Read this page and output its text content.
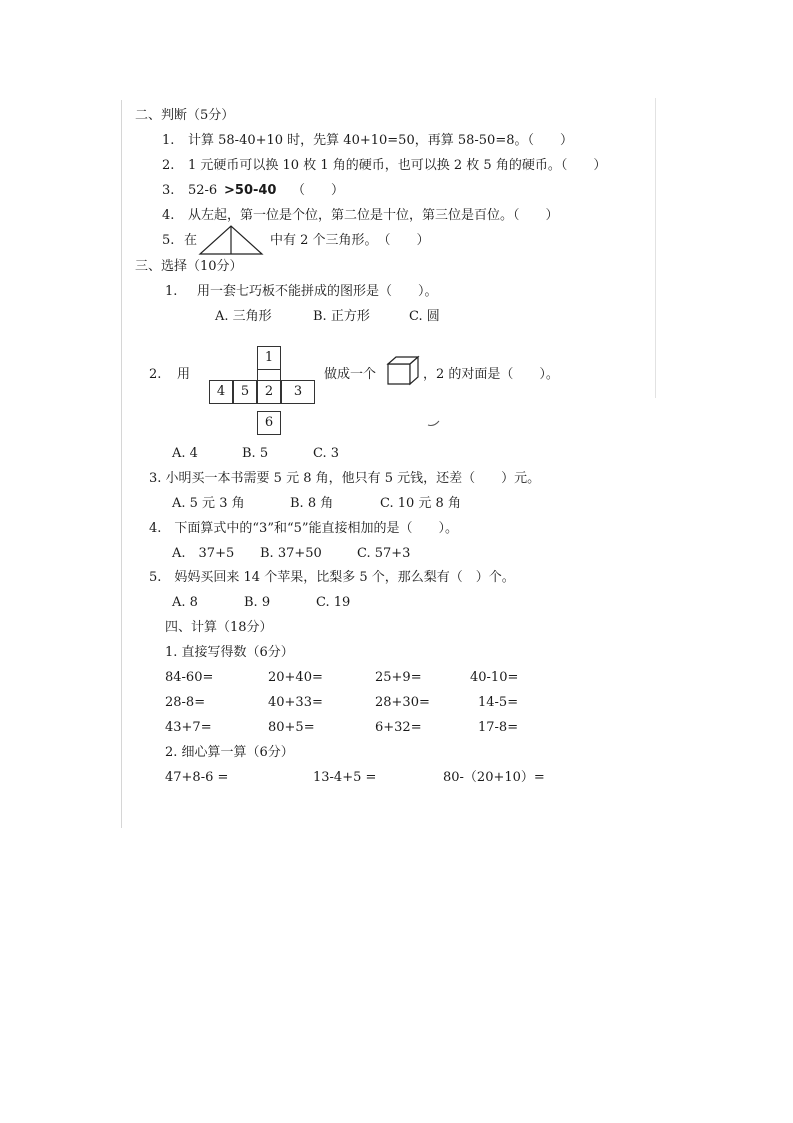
二、判断（5分）
1. 计算 58-40+10 时，先算 40+10=50，再算 58-50=8。（　　）
2. 1 元硬币可以换 10 枚 1 角的硬币，也可以换 2 枚 5 角的硬币。（　　）
3. 52-6 >50-40 （　　）
4. 从左起，第一位是个位，第二位是十位，第三位是百位。（　　）
5. 在	中有 2 个三角形。　（　　）
三、选择（10分）
1. 用一套七巧板不能拼成的图形是（　　）。
A. 三角形	B. 正方形	C. 圆
2. 用
1
4	5	2	3
6
做成一个	，2 的对面是（　　）。
A. 4	B. 5	C. 3
3. 小明买一本书需要 5 元 8 角，他只有 5 元钱，还差（　　）元。
A. 5 元 3 角	B. 8 角	C. 10 元 8 角
4.　下面算式中的“3”和“5”能直接相加的是（　　）。
A.　37+5 B. 37+50	C. 57+3
5.　妈妈买回来 14 个苹果，比梨多 5 个，那么梨有（　）个。
A. 8	B. 9	C. 19
四、计算（18分）
1. 直接写得数（6分）
84-60=	20+40=	25+9=	40-10=
28-8=	40+33=	28+30=	14-5=
43+7=	80+5=	6+32=	17-8=
2. 细心算一算（6分）
47+8-6 =	13-4+5 =	80-（20+10）=
